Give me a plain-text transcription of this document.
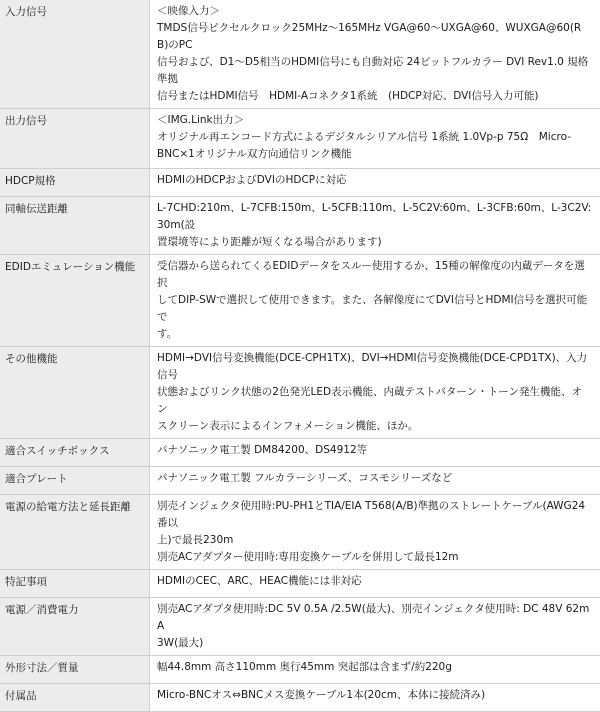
入力信号	＜映像入力＞
TMDS信号ピクセルクロック25MHz～165MHz VGA@60～UXGA@60、WUXGA@60(RB)のPC
信号および、D1～D5相当のHDMI信号にも自動対応 24ビットフルカラー DVI Rev1.0 規格準拠
信号またはHDMI信号　HDMI-Aコネクタ1系統　(HDCP対応、DVI信号入力可能)

出力信号	＜IMG.Link出力＞
オリジナル再エンコード方式によるデジタルシリアル信号 1系統 1.0Vp-p 75Ω　Micro-
BNC×1オリジナル双方向通信リンク機能

HDCP規格	HDMIのHDCPおよびDVIのHDCPに対応

同軸伝送距離	L-7CHD:210m、L-7CFB:150m、L-5CFB:110m、L-5C2V:60m、L-3CFB:60m、L-3C2V:30m(設
置環境等により距離が短くなる場合があります)

EDIDエミュレーション機能	受信器から送られてくるEDIDデータをスルー使用するか、15種の解像度の内蔵データを選択
してDIP-SWで選択して使用できます。また、各解像度にてDVI信号とHDMI信号を選択可能で
す。

その他機能	HDMI→DVI信号変換機能(DCE-CPH1TX)、DVI→HDMI信号変換機能(DCE-CPD1TX)、入力信号
状態およびリンク状態の2色発光LED表示機能、内蔵テストパターン・トーン発生機能、オン
スクリーン表示によるインフォメーション機能、ほか。

適合スイッチボックス	パナソニック電工製 DM84200、DS4912等

適合プレート	パナソニック電工製 フルカラーシリーズ、コスモシリーズなど

電源の給電方法と延長距離	別売インジェクタ使用時:PU-PH1とTIA/EIA T568(A/B)準拠のストレートケーブル(AWG24番以
上)で最長230m
別売ACアダプター使用時:専用変換ケーブルを併用して最長12m

特記事項	HDMIのCEC、ARC、HEAC機能には非対応

電源／消費電力	別売ACアダプタ使用時:DC 5V 0.5A /2.5W(最大)、別売インジェクタ使用時: DC 48V 62mA
3W(最大)

外形寸法／質量	幅44.8mm 高さ110mm 奥行45mm 突起部は含まず/約220g

付属品	Micro-BNCオス⇔BNCメス変換ケーブル1本(20cm、本体に接続済み)
